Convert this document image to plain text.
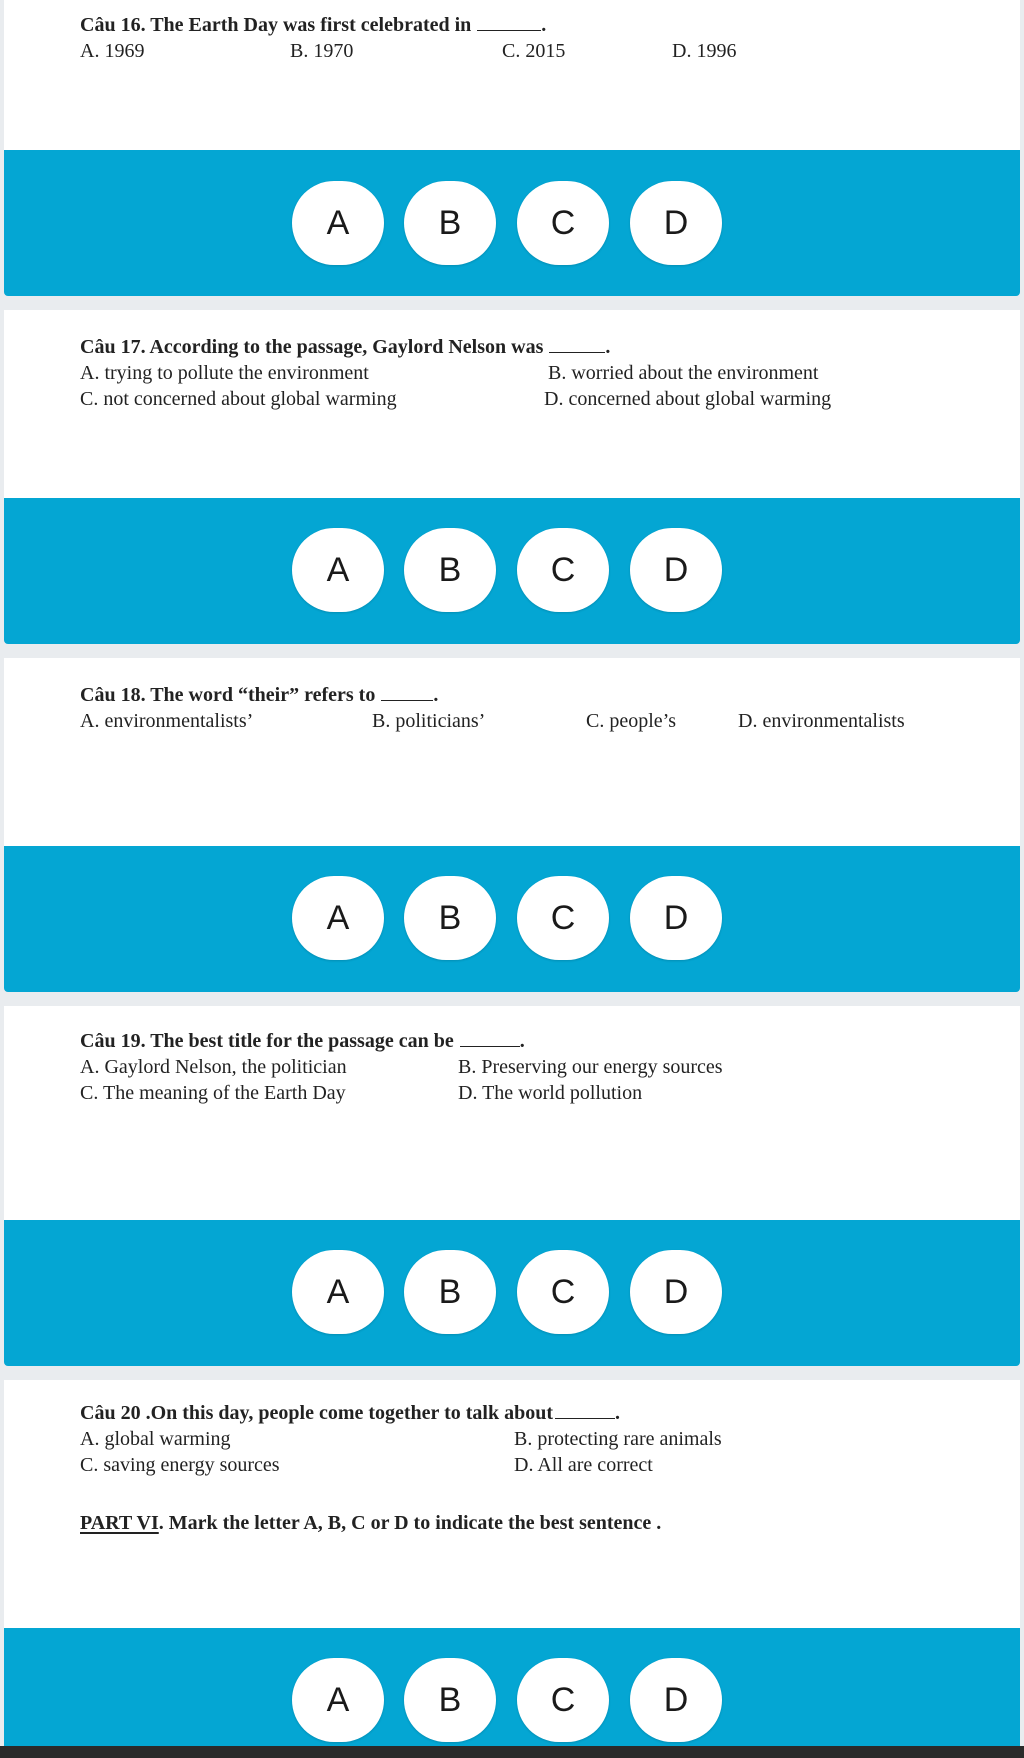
Câu 16. The Earth Day was first celebrated in	.
A. 1969	B. 1970	C. 2015	D. 1996
A	B	C	D
Câu 17. According to the passage, Gaylord Nelson was	.
A. trying to pollute the environment	B. worried about the environment
C. not concerned about global warming	D. concerned about global warming
A	B	C	D
Câu 18. The word “their” refers to	.
A. environmentalists’	B. politicians’	C. people’s	D. environmentalists
A	B	C	D
Câu 19. The best title for the passage can be	.
A. Gaylord Nelson, the politician	B. Preserving our energy sources
C. The meaning of the Earth Day	D. The world pollution
A	B	C	D
Câu 20 .On this day, people come together to talk about	.
A. global warming	B. protecting rare animals
C. saving energy sources	D. All are correct
PART VI. Mark the letter A, B, C or D to indicate the best sentence .
A	B	C	D
